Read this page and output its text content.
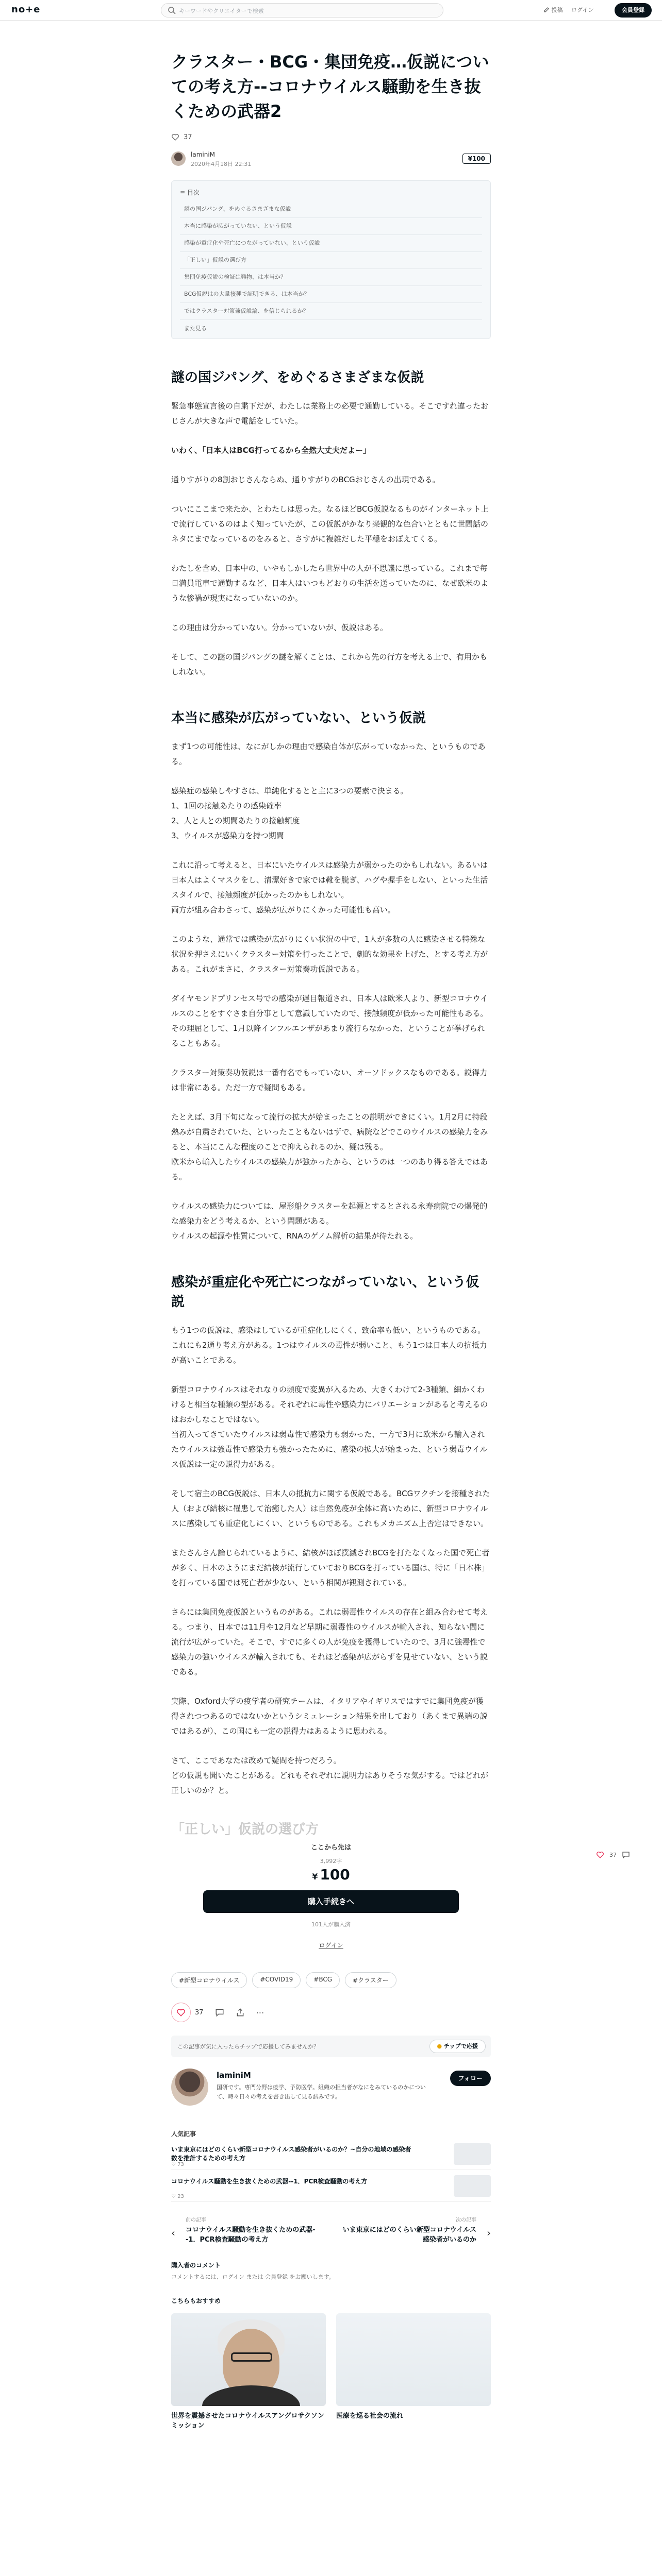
no+e	キーワードやクリエイターで検索	投稿 ログイン	会員登録
クラスター・BCG・集団免疫…仮説についての考え方--コロナウイルス騒動を生き抜くための武器2
37
laminiM
2020年4月18日 22:31
¥100
≡ 目次
謎の国ジパング、をめぐるさまざまな仮説
本当に感染が広がっていない、という仮説
感染が重症化や死亡につながっていない、という仮説
「正しい」仮説の選び方
集団免疫仮説の検証は難物、は本当か？
BCG仮説はの大量接種で証明できる、は本当か？
ではクラスター対策兼仮説論、を信じられるか？
また見る
謎の国ジパング、をめぐるさまざまな仮説

緊急事態宣言後の自粛下だが、わたしは業務上の必要で通勤している。そこですれ違ったおじさんが大きな声で電話をしていた。

いわく、「日本人はBCG打ってるから全然大丈夫だよー」

通りすがりの8割おじさんならぬ、通りすがりのBCGおじさんの出現である。

ついにここまで来たか、とわたしは思った。なるほどBCG仮説なるものがインターネット上で流行しているのはよく知っていたが、この仮説がかなり楽観的な色合いとともに世間話のネタにまでなっているのをみると、さすがに複雑だした平穏をおぼえてくる。

わたしを含め、日本中の、いやもしかしたら世界中の人が不思議に思っている。これまで毎日満員電車で通勤するなど、日本人はいつもどおりの生活を送っていたのに、なぜ欧米のような惨禍が現実になっていないのか。

この理由は分かっていない。分かっていないが、仮説はある。

そして、この謎の国ジパングの謎を解くことは、これから先の行方を考える上で、有用かもしれない。

本当に感染が広がっていない、という仮説

まず1つの可能性は、なにがしかの理由で感染自体が広がっていなかった、というものである。

感染症の感染しやすさは、単純化するとと主に3つの要素で決まる。
1、1回の接触あたりの感染確率
2、人と人との期間あたりの接触頻度
3、ウイルスが感染力を持つ期間

これに沿って考えると、日本にいたウイルスは感染力が弱かったのかもしれない。あるいは日本人はよくマスクをし、清潔好きで家では靴を脱ぎ、ハグや握手をしない、といった生活スタイルで、接触頻度が低かったのかもしれない。
両方が組み合わさって、感染が広がりにくかった可能性も高い。

このような、通常では感染が広がりにくい状況の中で、1人が多数の人に感染させる特殊な状況を押さえにいくクラスター対策を行ったことで、劇的な効果を上げた、とする考え方がある。これがまさに、クラスター対策奏功仮説である。

ダイヤモンドプリンセス号での感染が遅目報道され、日本人は欧米人より、新型コロナウイルスのことをすぐさま自分事として意識していたので、接触頻度が低かった可能性もある。
その理屈として、1月以降インフルエンザがあまり流行らなかった、ということが挙げられることもある。

クラスター対策奏功仮説は一番有名でもっていない、オーソドックスなものである。説得力は非常にある。ただ一方で疑問もある。

たとえば、3月下旬になって流行の拡大が始まったことの説明ができにくい。1月2月に特段熱みが自粛されていた、といったこともないはずで、病院などでこのウイルスの感染力をみると、本当にこんな程度のことで抑えられるのか、疑は残る。
欧米から輸入したウイルスの感染力が強かったから、というのは一つのあり得る答えではある。

ウイルスの感染力については、屋形船クラスターを起源とするとされる永寿病院での爆発的な感染力をどう考えるか、という問題がある。
ウイルスの起源や性質について、RNAのゲノム解析の結果が待たれる。

感染が重症化や死亡につながっていない、という仮説

もう1つの仮説は、感染はしているが重症化しにくく、致命率も低い、というものである。これにも2通り考え方がある。1つはウイルスの毒性が弱いこと、もう1つは日本人の抗抵力が高いことである。

新型コロナウイルスはそれなりの頻度で変異が入るため、大きくわけて2-3種類、細かくわけると相当な種類の型がある。それぞれに毒性や感染力にバリエーションがあると考えるのはおかしなことではない。
当初入ってきていたウイルスは弱毒性で感染力も弱かった、一方で3月に欧米から輸入されたウイルスは強毒性で感染力も強かったために、感染の拡大が始まった、という弱毒ウイルス仮説は一定の説得力がある。

そして宿主のBCG仮説は、日本人の抵抗力に関する仮説である。BCGワクチンを接種された人（および結核に罹患して治癒した人）は自然免疫が全体に高いために、新型コロナウイルスに感染しても重症化しにくい、というものである。これもメカニズム上否定はできない。

またさんさん論じられているように、結核がほぼ撲滅されBCGを打たなくなった国で死亡者が多く、日本のようにまだ結核が流行していておりBCGを打っている国は、特に「日本株」を打っている国では死亡者が少ない、という相関が観測されている。

さらには集団免疫仮説というものがある。これは弱毒性ウイルスの存在と組み合わせて考える。つまり、日本では11月や12月など早期に弱毒性のウイルスが輸入され、知らない間に流行が広がっていた。そこで、すでに多くの人が免疫を獲得していたので、3月に強毒性で感染力の強いウイルスが輸入されても、それほど感染が広がらずを見せていない、という説である。

実際、Oxford大学の疫学者の研究チームは、イタリアやイギリスではすでに集団免疫が獲得されつつあるのではないかというシミュレーション結果を出しており（あくまで異端の説ではあるが）、この国にも一定の説得力はあるように思われる。

さて、ここであなたは改めて疑問を持つだろう。
どの仮説も聞いたことがある。どれもそれぞれに説明力はありそうな気がする。ではどれが正しいのか？と。

「正しい」仮説の選び方
ここから先は
3,992字
¥ 100
購入手続きへ
101人が購入済
ログイン
#新型コロナウイルス	#COVID19	#BCG	#クラスター
37	⋯
この記事が気に入ったらチップで応援してみませんか？	● チップで応援
laminiM
国研です。専門分野は疫学、予防医学。組織の担当者がなにをみているのかについて、時々日々の考えを書き出して見る試みです。
フォロー
人気記事
いま東京にはどのくらい新型コロナウイルス感染者がいるのか？~自分の地域の感染者数を推計するための考え方
♡ 73
コロナウイルス騒動を生き抜くための武器--1．PCR検査騒動の考え方
♡ 23
‹
前の記事
コロナウイルス騒動を生き抜くための武器--1．PCR検査騒動の考え方
›
次の記事
いま東京にはどのくらい新型コロナウイルス感染者がいるのか
購入者のコメント
コメントするには、ログイン または 会員登録 をお願いします。
こちらもおすすめ
世界を震撼させたコロナウイルスアングロサクソン ミッション
医療を巡る社会の流れ
37
